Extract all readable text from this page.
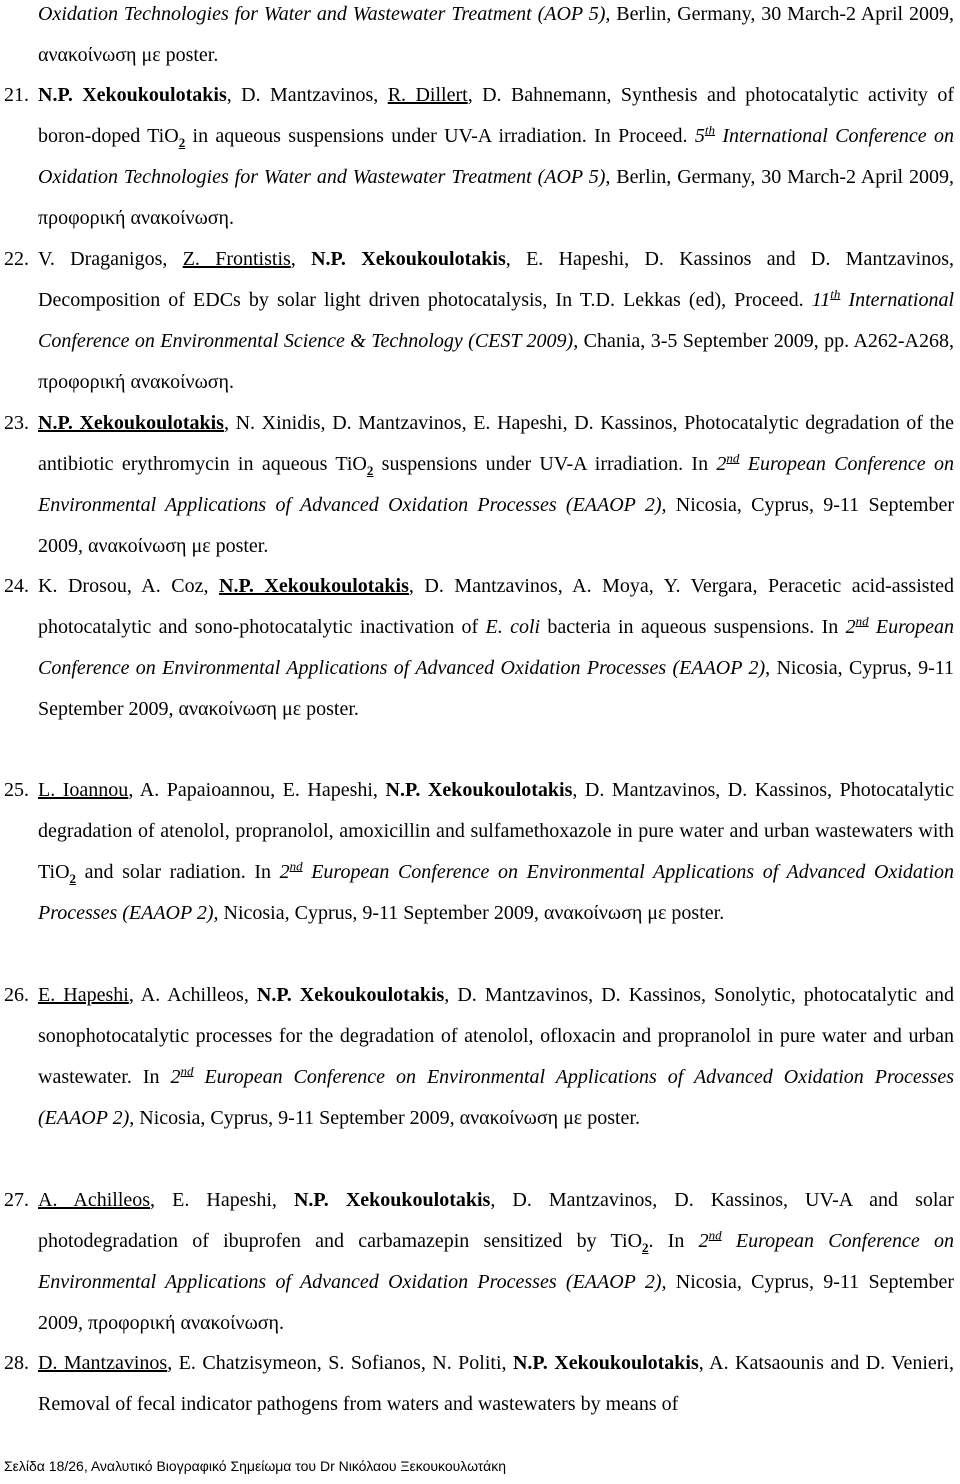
Oxidation Technologies for Water and Wastewater Treatment (AOP 5), Berlin, Germany, 30 March-2 April 2009, ανακοίνωση με poster.
21. N.P. Xekoukoulotakis, D. Mantzavinos, R. Dillert, D. Bahnemann, Synthesis and photocatalytic activity of boron-doped TiO$_2$ in aqueous suspensions under UV-A irradiation. In Proceed. 5th International Conference on Oxidation Technologies for Water and Wastewater Treatment (AOP 5), Berlin, Germany, 30 March-2 April 2009, προφορική ανακοίνωση.
22. V. Draganigos, Z. Frontistis, N.P. Xekoukoulotakis, E. Hapeshi, D. Kassinos and D. Mantzavinos, Decomposition of EDCs by solar light driven photocatalysis, In T.D. Lekkas (ed), Proceed. 11th International Conference on Environmental Science & Technology (CEST 2009), Chania, 3-5 September 2009, pp. A262-A268, προφορική ανακοίνωση.
23. N.P. Xekoukoulotakis, N. Xinidis, D. Mantzavinos, E. Hapeshi, D. Kassinos, Photocatalytic degradation of the antibiotic erythromycin in aqueous TiO$_2$ suspensions under UV-A irradiation. In 2nd European Conference on Environmental Applications of Advanced Oxidation Processes (EAAOP 2), Nicosia, Cyprus, 9-11 September 2009, ανακοίνωση με poster.
24. K. Drosou, A. Coz, N.P. Xekoukoulotakis, D. Mantzavinos, A. Moya, Y. Vergara, Peracetic acid-assisted photocatalytic and sono-photocatalytic inactivation of E. coli bacteria in aqueous suspensions. In 2nd European Conference on Environmental Applications of Advanced Oxidation Processes (EAAOP 2), Nicosia, Cyprus, 9-11 September 2009, ανακοίνωση με poster.
25. L. Ioannou, A. Papaioannou, E. Hapeshi, N.P. Xekoukoulotakis, D. Mantzavinos, D. Kassinos, Photocatalytic degradation of atenolol, propranolol, amoxicillin and sulfamethoxazole in pure water and urban wastewaters with TiO$_2$ and solar radiation. In 2nd European Conference on Environmental Applications of Advanced Oxidation Processes (EAAOP 2), Nicosia, Cyprus, 9-11 September 2009, ανακοίνωση με poster.
26. E. Hapeshi, A. Achilleos, N.P. Xekoukoulotakis, D. Mantzavinos, D. Kassinos, Sonolytic, photocatalytic and sonophotocatalytic processes for the degradation of atenolol, ofloxacin and propranolol in pure water and urban wastewater. In 2nd European Conference on Environmental Applications of Advanced Oxidation Processes (EAAOP 2), Nicosia, Cyprus, 9-11 September 2009, ανακοίνωση με poster.
27. A. Achilleos, E. Hapeshi, N.P. Xekoukoulotakis, D. Mantzavinos, D. Kassinos, UV-A and solar photodegradation of ibuprofen and carbamazepin sensitized by TiO$_2$. In 2nd European Conference on Environmental Applications of Advanced Oxidation Processes (EAAOP 2), Nicosia, Cyprus, 9-11 September 2009, προφορική ανακοίνωση.
28. D. Mantzavinos, E. Chatzisymeon, S. Sofianos, N. Politi, N.P. Xekoukoulotakis, A. Katsaounis and D. Venieri, Removal of fecal indicator pathogens from waters and wastewaters by means of
Σελίδα 18/26, Αναλυτικό Βιογραφικό Σημείωμα του Dr Νικόλαου Ξεκουκουλωτάκη
